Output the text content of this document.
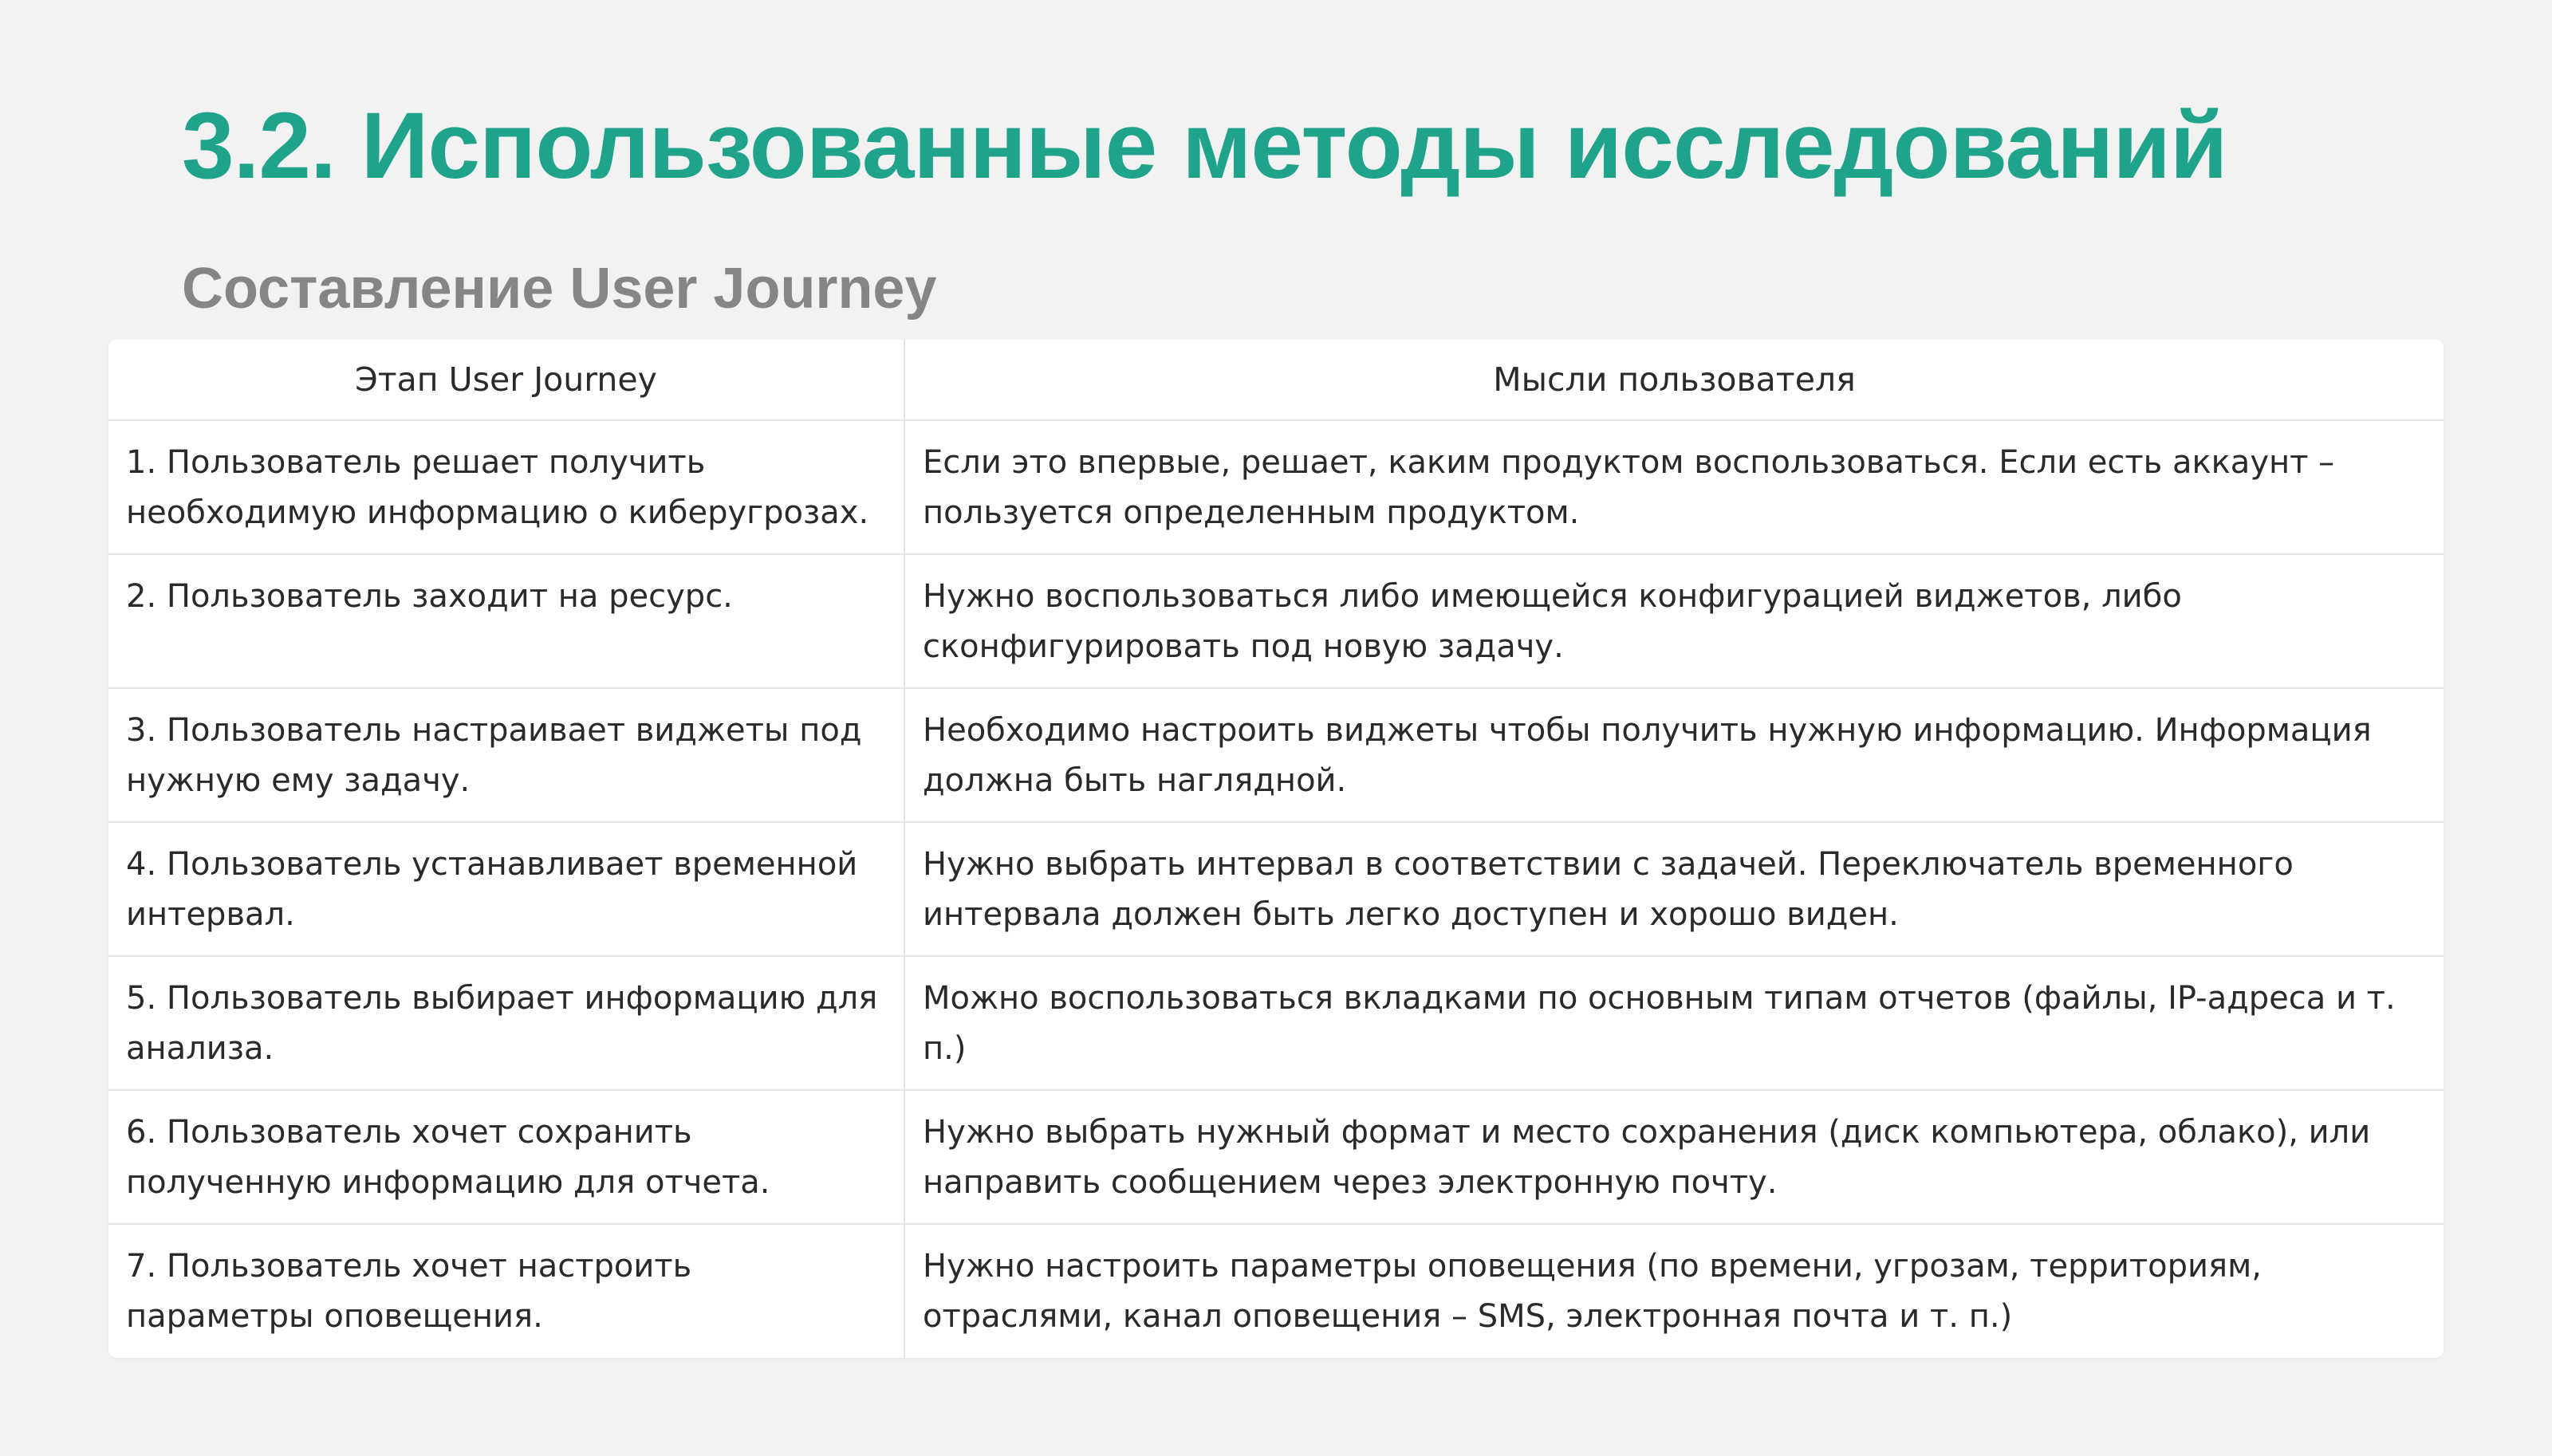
3.2. Использованные методы исследований
Составление User Journey
Этап User Journey	Мысли пользователя
1. Пользователь решает получить необходимую информацию о киберугрозах.	Если это впервые, решает, каким продуктом воспользоваться. Если есть аккаунт – пользуется определенным продуктом.
2. Пользователь заходит на ресурс.	Нужно воспользоваться либо имеющейся конфигурацией виджетов, либо сконфигурировать под новую задачу.
3. Пользователь настраивает виджеты под нужную ему задачу.	Необходимо настроить виджеты чтобы получить нужную информацию. Информация должна быть наглядной.
4. Пользователь устанавливает временной интервал.	Нужно выбрать интервал в соответствии с задачей. Переключатель временного интервала должен быть легко доступен и хорошо виден.
5. Пользователь выбирает информацию для анализа.	Можно воспользоваться вкладками по основным типам отчетов (файлы, IP-адреса и т. п.)
6. Пользователь хочет сохранить полученную информацию для отчета.	Нужно выбрать нужный формат и место сохранения (диск компьютера, облако), или направить сообщением через электронную почту.
7. Пользователь хочет настроить параметры оповещения.	Нужно настроить параметры оповещения (по времени, угрозам, территориям, отраслями, канал оповещения – SMS, электронная почта и т. п.)
